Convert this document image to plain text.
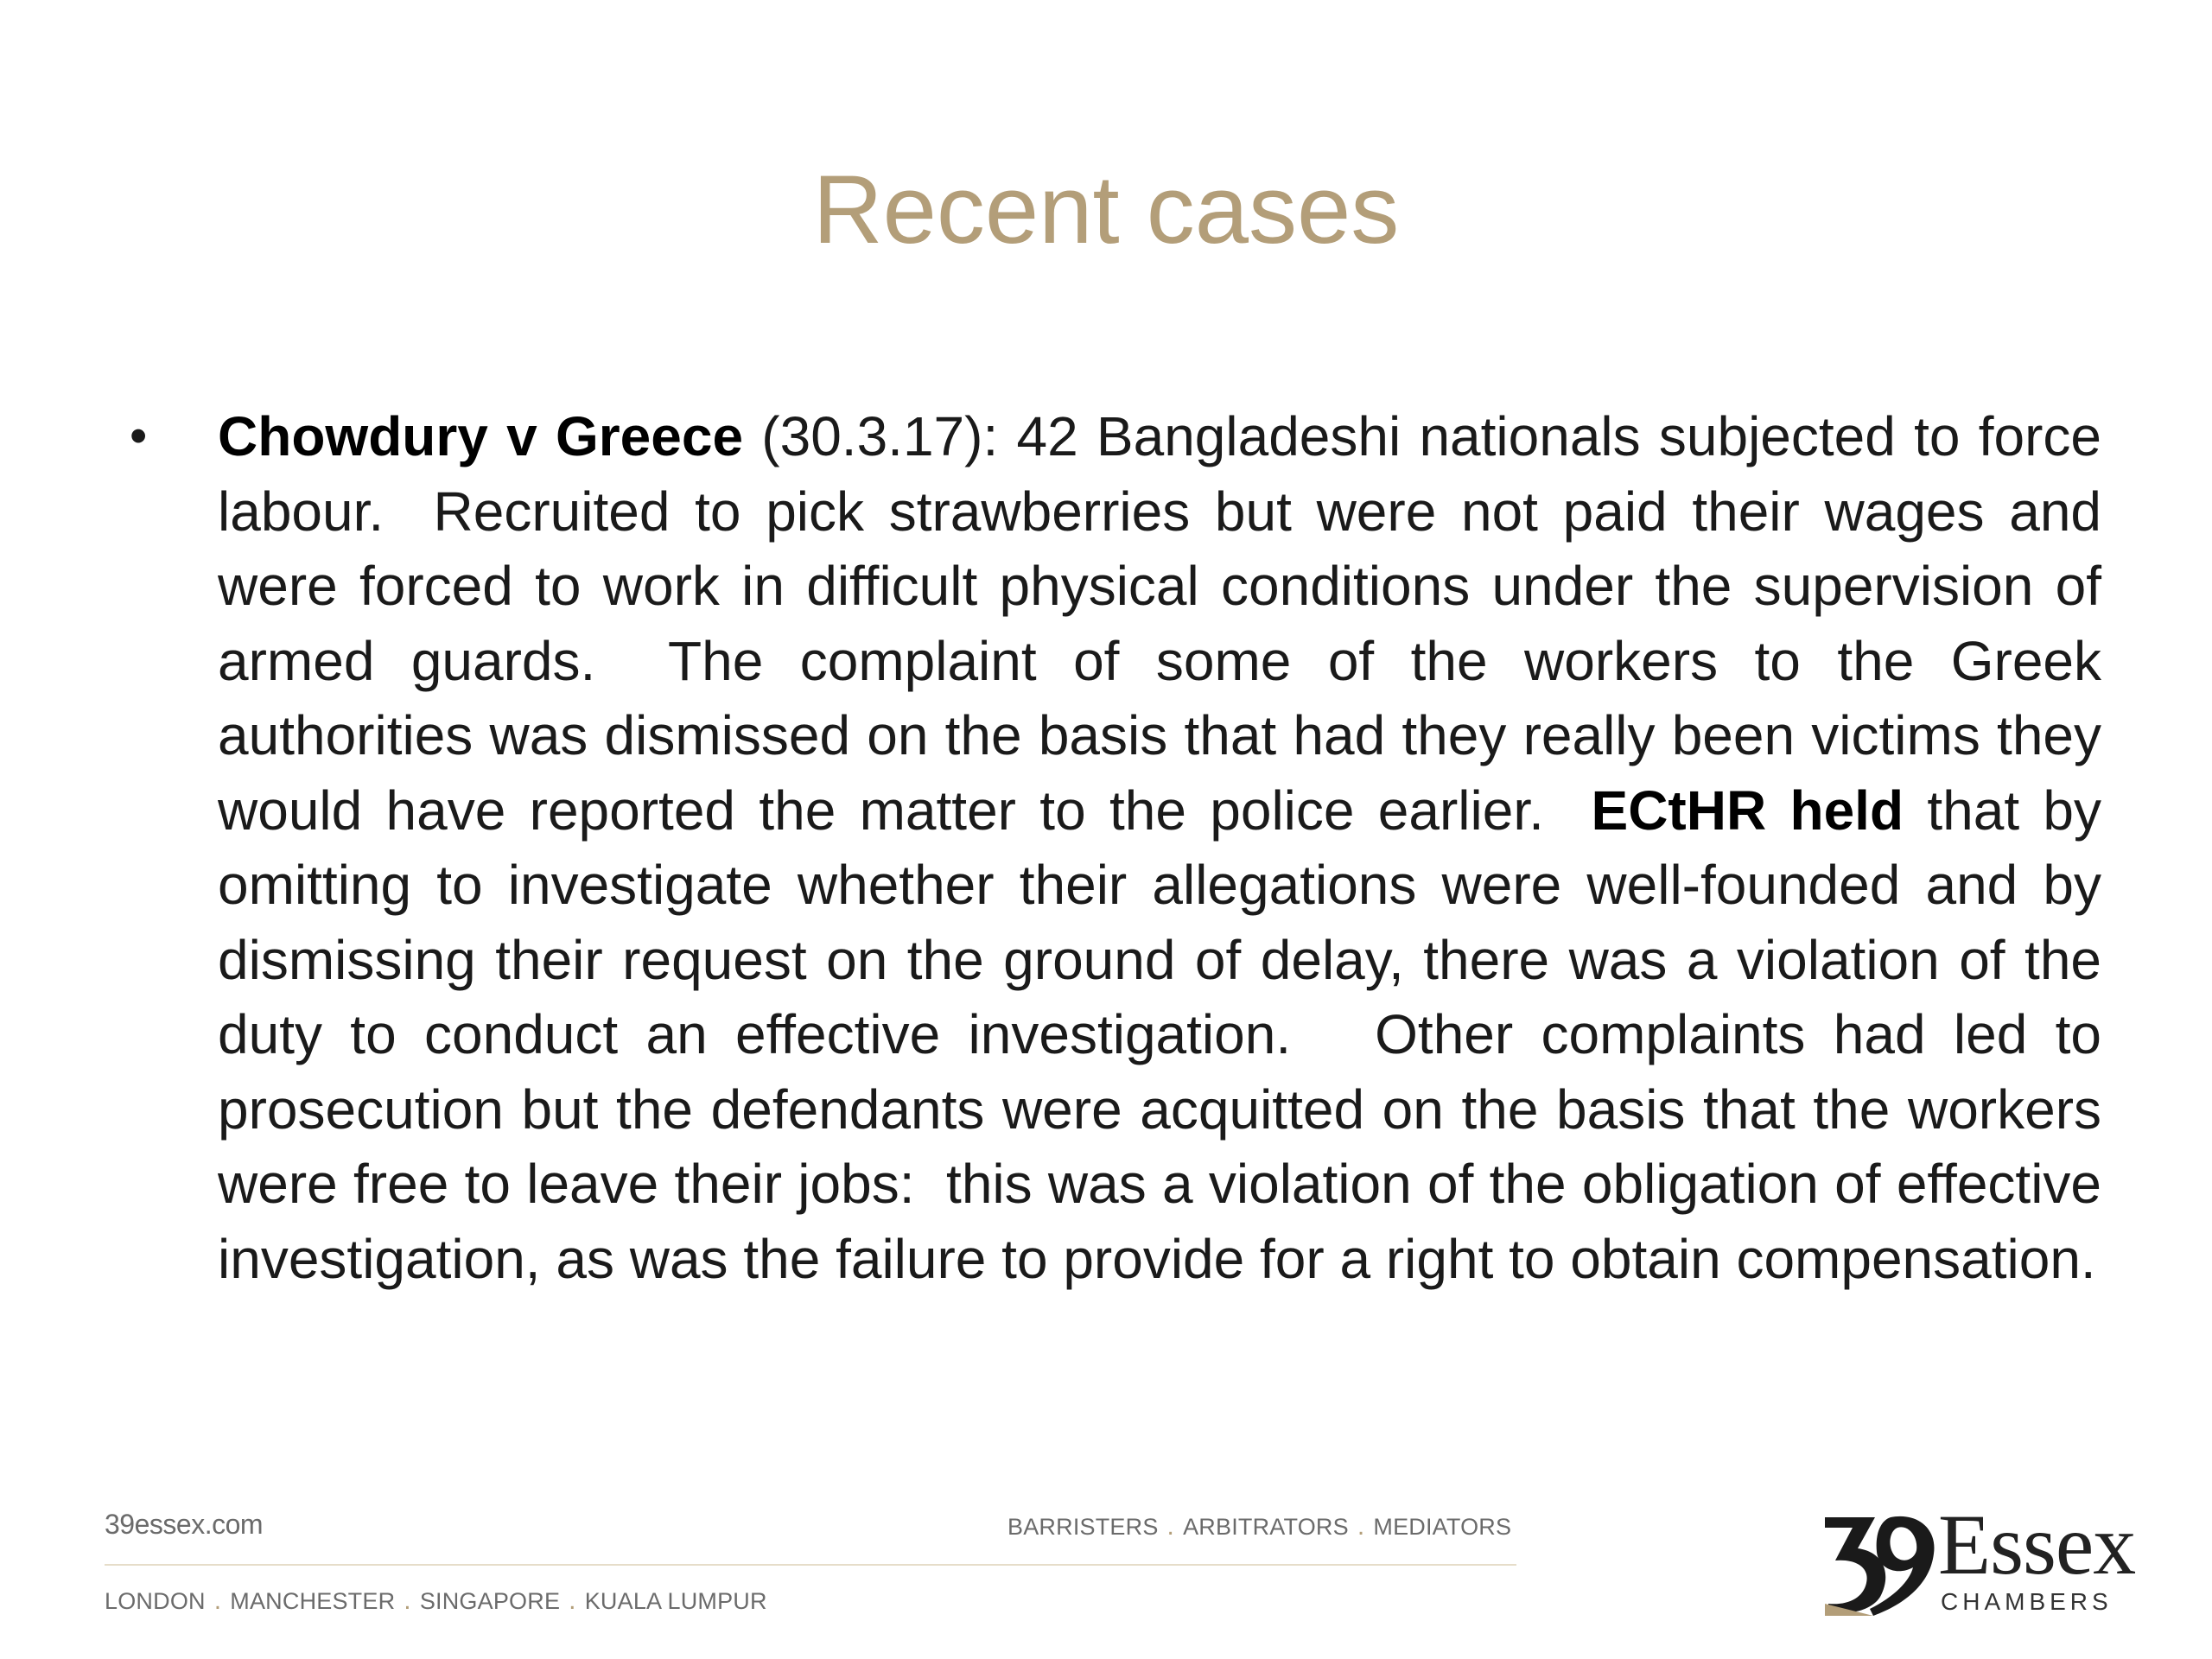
Recent cases
• Chowdury v Greece (30.3.17): 42 Bangladeshi nationals subjected to force labour.  Recruited to pick strawberries but were not paid their wages and were forced to work in difficult physical conditions under the supervision of armed guards.  The complaint of some of the workers to the Greek authorities was dismissed on the basis that had they really been victims they would have reported the matter to the police earlier.  ECtHR held that by omitting to investigate whether their allegations were well-founded and by dismissing their request on the ground of delay, there was a violation of the duty to conduct an effective investigation.   Other complaints had led to prosecution but the defendants were acquitted on the basis that the workers were free to leave their jobs:  this was a violation of the obligation of effective investigation, as was the failure to provide for a right to obtain compensation.

39essex.com	BARRISTERS . ARBITRATORS . MEDIATORS
LONDON . MANCHESTER . SINGAPORE . KUALA LUMPUR
Essex
CHAMBERS
